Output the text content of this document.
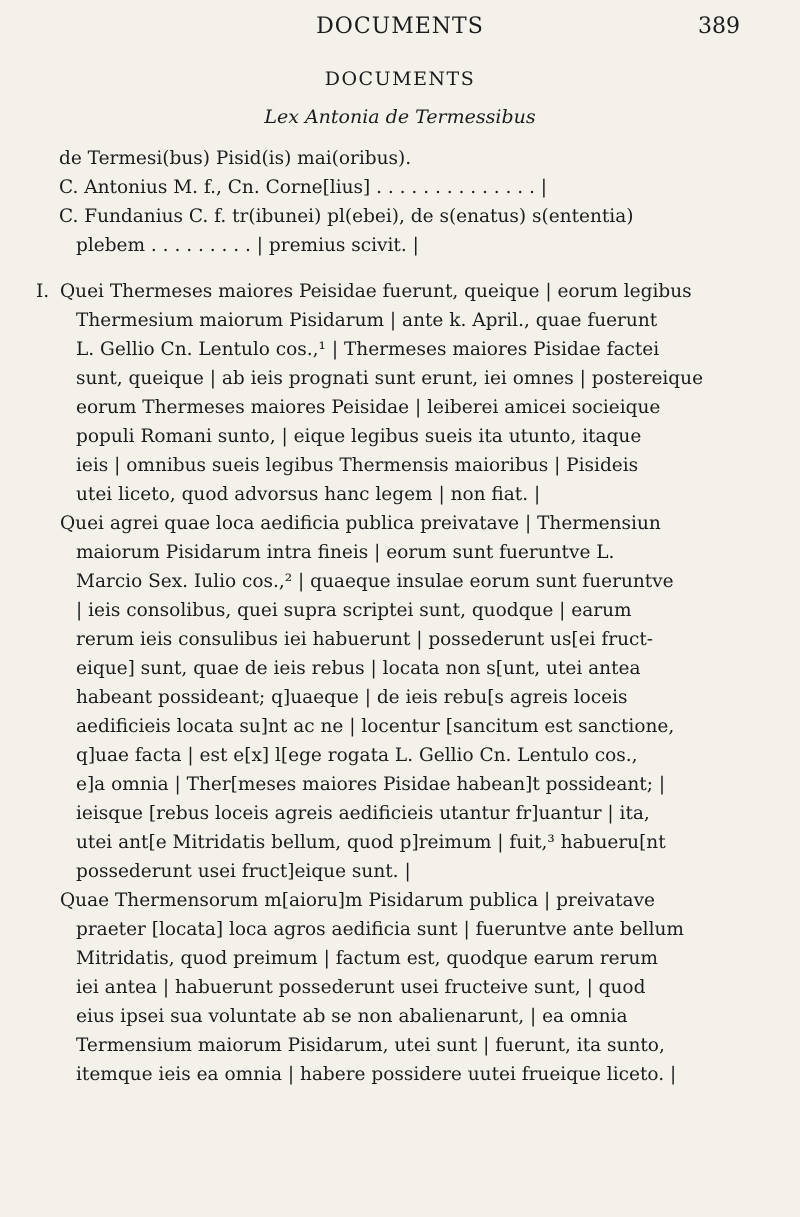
DOCUMENTS	389
DOCUMENTS
Lex Antonia de Termessibus
de Termesi(bus) Pisid(is) mai(oribus).
C. Antonius M. f., Cn. Corne[lius] . . . . . . . . . . . . . . |
C. Fundanius C. f. tr(ibunei) pl(ebei), de s(enatus) s(ententia)
plebem . . . . . . . . . | premius scivit. |
I. Quei Thermeses maiores Peisidae fuerunt, queique | eorum legibus
Thermesium maiorum Pisidarum | ante k. April., quae fuerunt
L. Gellio Cn. Lentulo cos.,¹ | Thermeses maiores Pisidae factei
sunt, queique | ab ieis prognati sunt erunt, iei omnes | postereique
eorum Thermeses maiores Peisidae | leiberei amicei socieique
populi Romani sunto, | eique legibus sueis ita utunto, itaque
ieis | omnibus sueis legibus Thermensis maioribus | Pisideis
utei liceto, quod advorsus hanc legem | non fiat. |
Quei agrei quae loca aedificia publica preivatave | Thermensiun
maiorum Pisidarum intra fineis | eorum sunt fueruntve L.
Marcio Sex. Iulio cos.,² | quaeque insulae eorum sunt fueruntve
| ieis consolibus, quei supra scriptei sunt, quodque | earum
rerum ieis consulibus iei habuerunt | possederunt us[ei fruct-
eique] sunt, quae de ieis rebus | locata non s[unt, utei antea
habeant possideant; q]uaeque | de ieis rebu[s agreis loceis
aedificieis locata su]nt ac ne | locentur [sancitum est sanctione,
q]uae facta | est e[x] l[ege rogata L. Gellio Cn. Lentulo cos.,
e]a omnia | Ther[meses maiores Pisidae habean]t possideant; |
ieisque [rebus loceis agreis aedificieis utantur fr]uantur | ita,
utei ant[e Mitridatis bellum, quod p]reimum | fuit,³ habueru[nt
possederunt usei fruct]eique sunt. |
Quae Thermensorum m[aioru]m Pisidarum publica | preivatave
praeter [locata] loca agros aedificia sunt | fueruntve ante bellum
Mitridatis, quod preimum | factum est, quodque earum rerum
iei antea | habuerunt possederunt usei fructeive sunt, | quod
eius ipsei sua voluntate ab se non abalienarunt, | ea omnia
Termensium maiorum Pisidarum, utei sunt | fuerunt, ita sunto,
itemque ieis ea omnia | habere possidere uutei frueique liceto. |
